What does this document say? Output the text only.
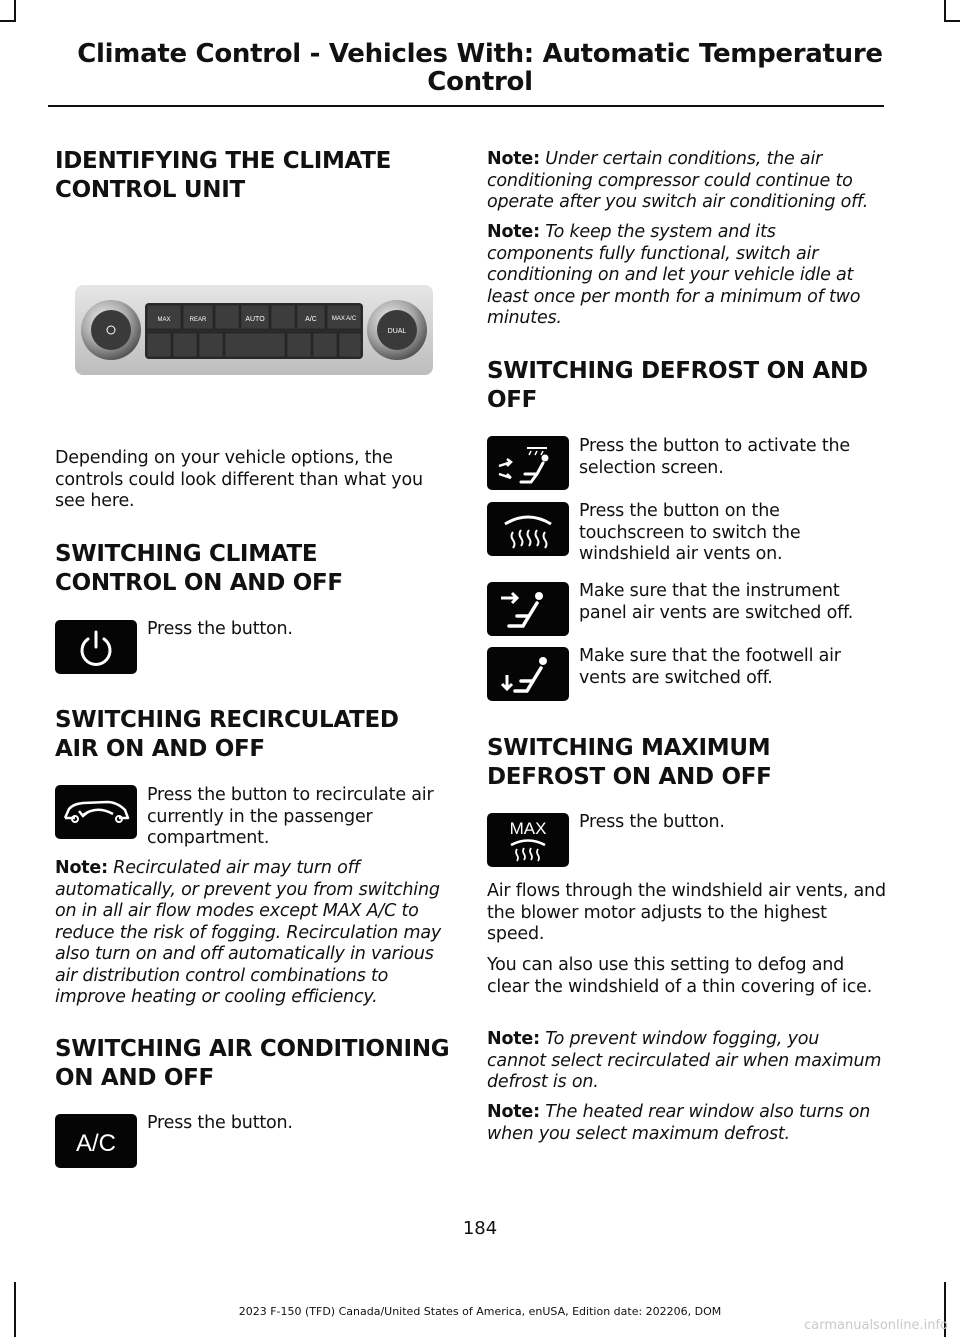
Climate Control - Vehicles With: Automatic Temperature Control
IDENTIFYING THE CLIMATE CONTROL UNIT
MAX	REAR	AUTO	A/C MAX A/C
DUAL

Depending on your vehicle options, the controls could look different than what you see here.

SWITCHING CLIMATE CONTROL ON AND OFF

Press the button.

SWITCHING RECIRCULATED AIR ON AND OFF

Press the button to recirculate air currently in the passenger compartment.

Note: Recirculated air may turn off automatically, or prevent you from switching on in all air flow modes except MAX A/C to reduce the risk of fogging. Recirculation may also turn on and off automatically in various air distribution control combinations to improve heating or cooling efficiency.

SWITCHING AIR CONDITIONING ON AND OFF
A/C

Press the button.

Note: Under certain conditions, the air conditioning compressor could continue to operate after you switch air conditioning off.

Note: To keep the system and its components fully functional, switch air conditioning on and let your vehicle idle at least once per month for a minimum of two minutes.

SWITCHING DEFROST ON AND OFF

Press the button to activate the selection screen.

Press the button on the touchscreen to switch the windshield air vents on.

Make sure that the instrument panel air vents are switched off.

Make sure that the footwell air vents are switched off.

SWITCHING MAXIMUM DEFROST ON AND OFF
MAX Press the button.

Air flows through the windshield air vents, and the blower motor adjusts to the highest speed.

You can also use this setting to defog and clear the windshield of a thin covering of ice.

Note: To prevent window fogging, you cannot select recirculated air when maximum defrost is on.

Note: The heated rear window also turns on when you select maximum defrost.

184
2023 F-150 (TFD) Canada/United States of America, enUSA, Edition date: 202206, DOM
carmanualsonline.info
